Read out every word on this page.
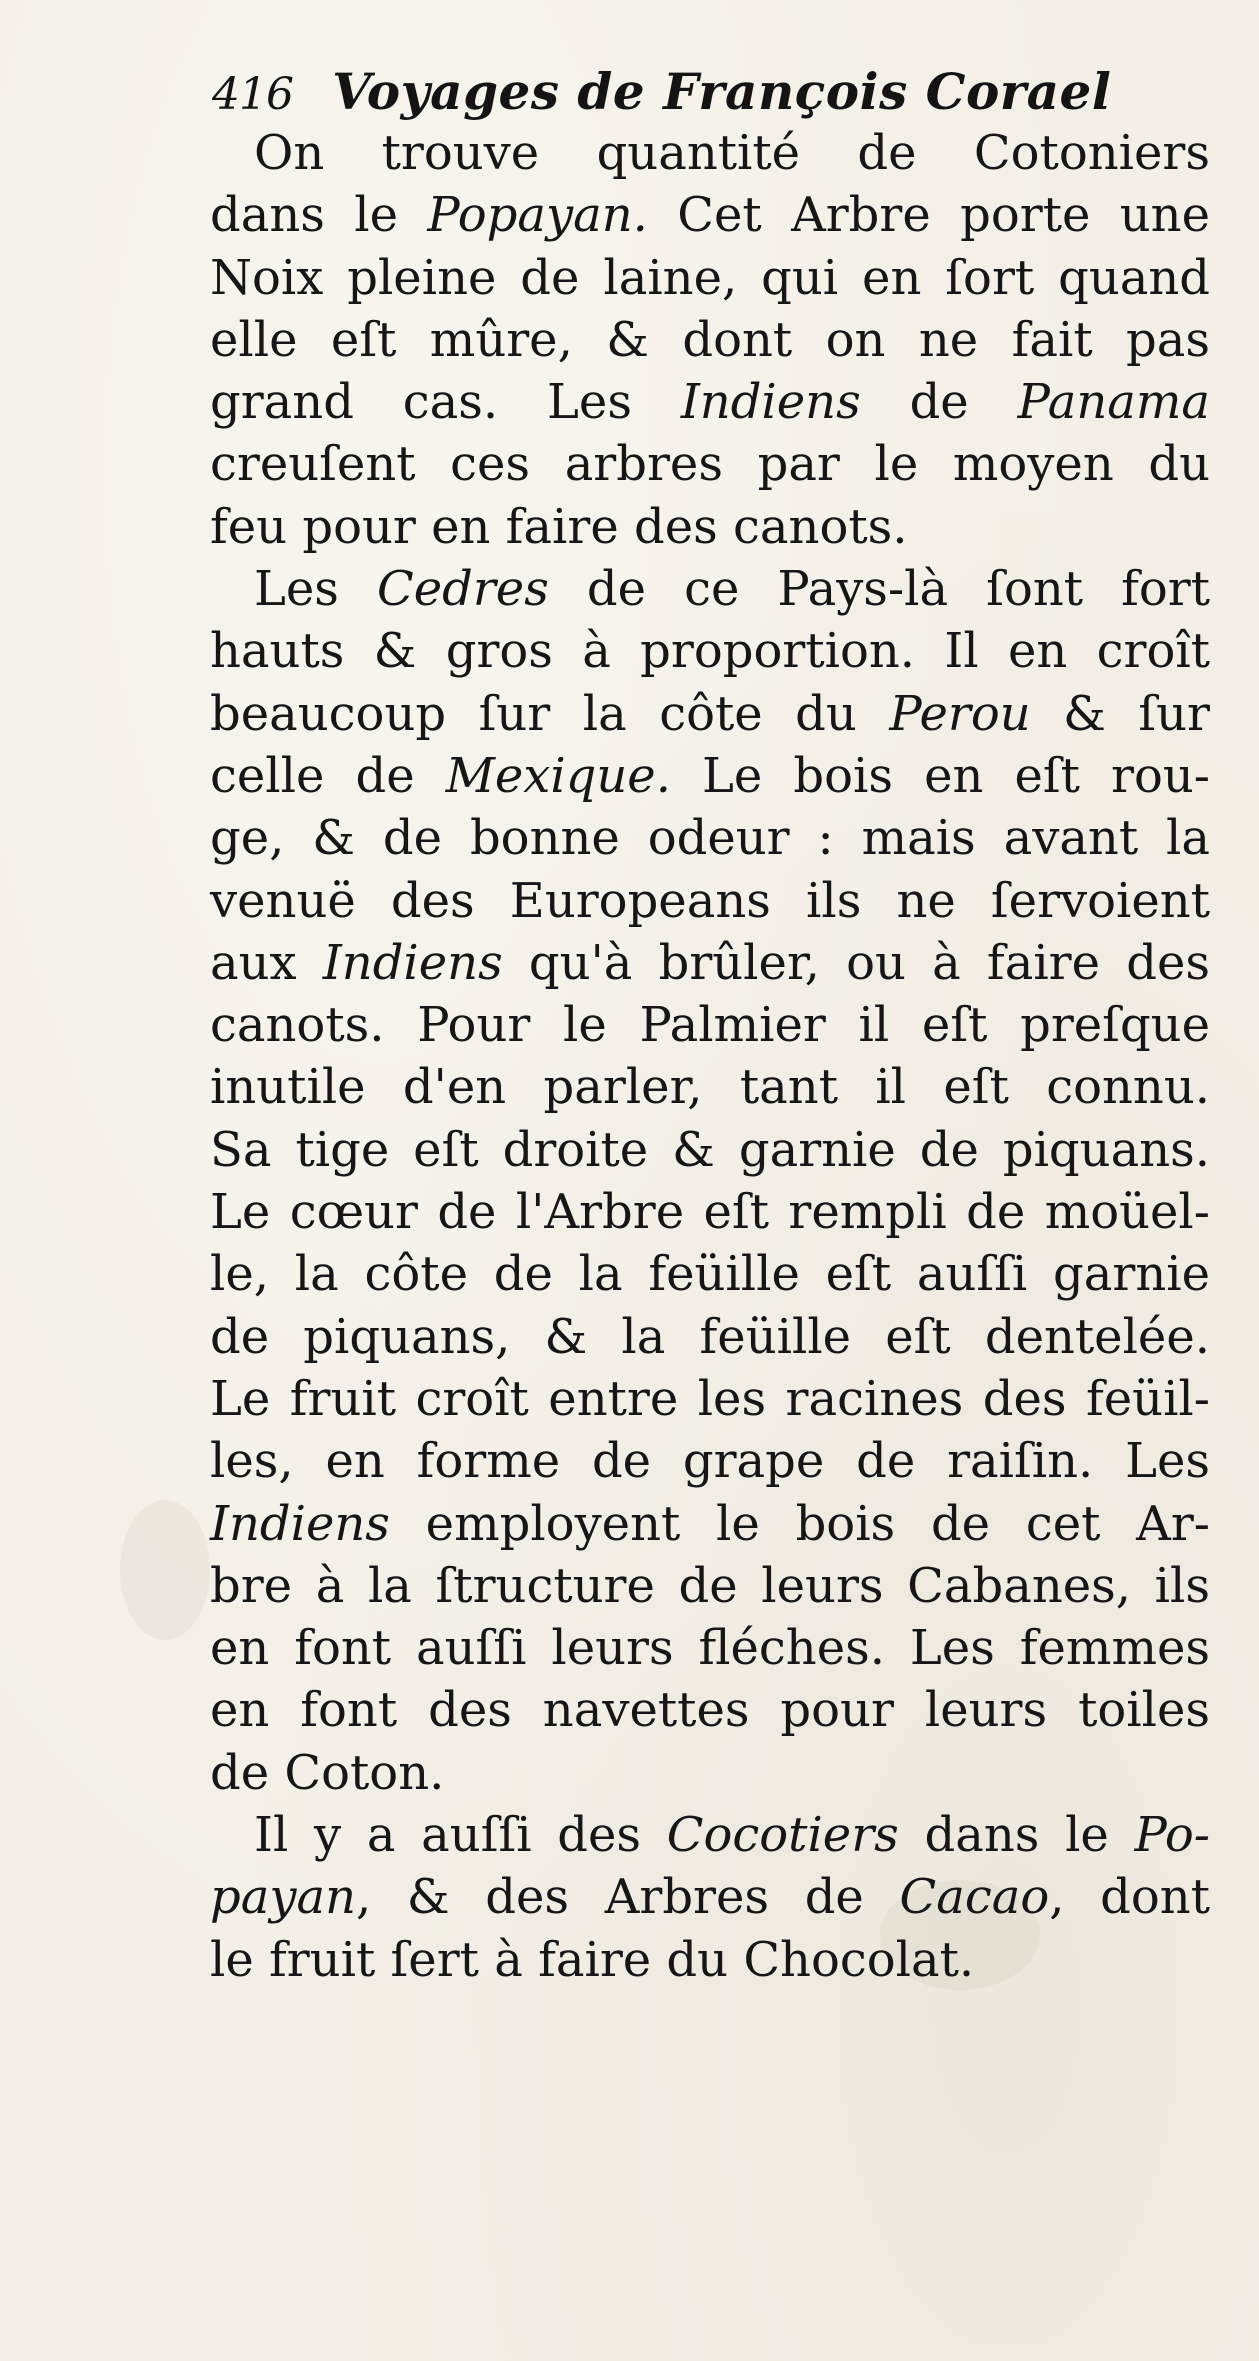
416 Voyages de François Corael
On trouve quantité de Cotoniers
dans le Popayan. Cet Arbre porte une
Noix pleine de laine, qui en ſort quand
elle eſt mûre, & dont on ne fait pas
grand cas. Les Indiens de Panama
creuſent ces arbres par le moyen du
feu pour en faire des canots.
Les Cedres de ce Pays-là ſont fort
hauts & gros à proportion. Il en croît
beaucoup ſur la côte du Perou & ſur
celle de Mexique. Le bois en eſt rou-
ge, & de bonne odeur : mais avant la
venuë des Europeans ils ne ſervoient
aux Indiens qu'à brûler, ou à faire des
canots. Pour le Palmier il eſt preſque
inutile d'en parler, tant il eſt connu.
Sa tige eſt droite & garnie de piquans.
Le cœur de l'Arbre eſt rempli de moüel-
le, la côte de la feüille eſt auſſi garnie
de piquans, & la feüille eſt dentelée.
Le fruit croît entre les racines des feüil-
les, en forme de grape de raiſin. Les
Indiens employent le bois de cet Ar-
bre à la ſtructure de leurs Cabanes, ils
en font auſſi leurs fléches. Les femmes
en font des navettes pour leurs toiles
de Coton.
Il y a auſſi des Cocotiers dans le Po-
payan, & des Arbres de Cacao, dont
le fruit ſert à faire du Chocolat.
